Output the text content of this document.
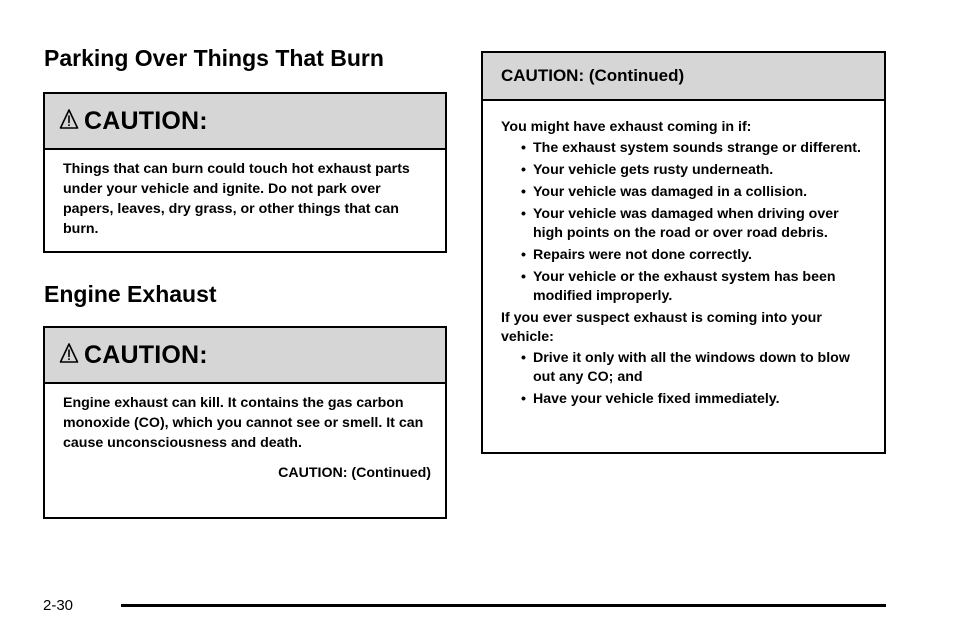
Parking Over Things That Burn
CAUTION:

Things that can burn could touch hot exhaust parts under your vehicle and ignite. Do not park over papers, leaves, dry grass, or other things that can burn.

Engine Exhaust
CAUTION:

Engine exhaust can kill. It contains the gas carbon monoxide (CO), which you cannot see or smell. It can cause unconsciousness and death.

CAUTION: (Continued)

CAUTION: (Continued)

You might have exhaust coming in if:

• The exhaust system sounds strange or different.
• Your vehicle gets rusty underneath.
• Your vehicle was damaged in a collision.
• Your vehicle was damaged when driving over high points on the road or over road debris.
• Repairs were not done correctly.
• Your vehicle or the exhaust system has been modified improperly.

If you ever suspect exhaust is coming into your vehicle:

• Drive it only with all the windows down to blow out any CO; and
• Have your vehicle fixed immediately.
2-30
